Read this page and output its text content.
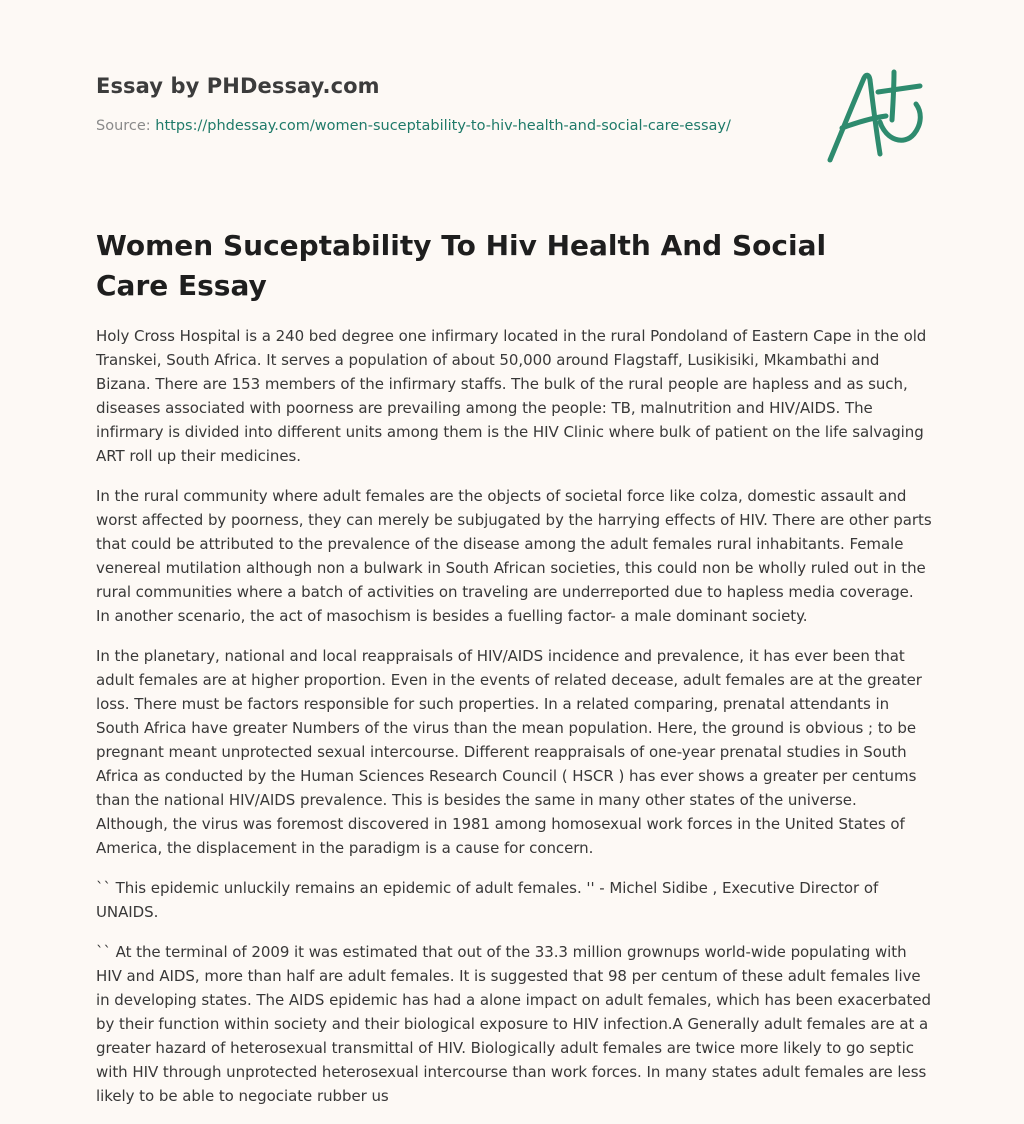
Essay by PHDessay.com
Source: https://phdessay.com/women-suceptability-to-hiv-health-and-social-care-essay/
Women Suceptability To Hiv Health And Social Care Essay

Holy Cross Hospital is a 240 bed degree one infirmary located in the rural Pondoland of Eastern Cape in the old Transkei, South Africa. It serves a population of about 50,000 around Flagstaff, Lusikisiki, Mkambathi and Bizana. There are 153 members of the infirmary staffs. The bulk of the rural people are hapless and as such, diseases associated with poorness are prevailing among the people: TB, malnutrition and HIV/AIDS. The infirmary is divided into different units among them is the HIV Clinic where bulk of patient on the life salvaging ART roll up their medicines.

In the rural community where adult females are the objects of societal force like colza, domestic assault and worst affected by poorness, they can merely be subjugated by the harrying effects of HIV. There are other parts that could be attributed to the prevalence of the disease among the adult females rural inhabitants. Female venereal mutilation although non a bulwark in South African societies, this could non be wholly ruled out in the rural communities where a batch of activities on traveling are underreported due to hapless media coverage. In another scenario, the act of masochism is besides a fuelling factor- a male dominant society.

In the planetary, national and local reappraisals of HIV/AIDS incidence and prevalence, it has ever been that adult females are at higher proportion. Even in the events of related decease, adult females are at the greater loss. There must be factors responsible for such properties. In a related comparing, prenatal attendants in South Africa have greater Numbers of the virus than the mean population. Here, the ground is obvious ; to be pregnant meant unprotected sexual intercourse. Different reappraisals of one-year prenatal studies in South Africa as conducted by the Human Sciences Research Council ( HSCR ) has ever shows a greater per centums than the national HIV/AIDS prevalence. This is besides the same in many other states of the universe. Although, the virus was foremost discovered in 1981 among homosexual work forces in the United States of America, the displacement in the paradigm is a cause for concern.

`` This epidemic unluckily remains an epidemic of adult females. '' - Michel Sidibe , Executive Director of UNAIDS.

`` At the terminal of 2009 it was estimated that out of the 33.3 million grownups world-wide populating with HIV and AIDS, more than half are adult females. It is suggested that 98 per centum of these adult females live in developing states. The AIDS epidemic has had a alone impact on adult females, which has been exacerbated by their function within society and their biological exposure to HIV infection.A Generally adult females are at a greater hazard of heterosexual transmittal of HIV. Biologically adult females are twice more likely to go septic with HIV through unprotected heterosexual intercourse than work forces. In many states adult females are less likely to be able to negociate rubber us
